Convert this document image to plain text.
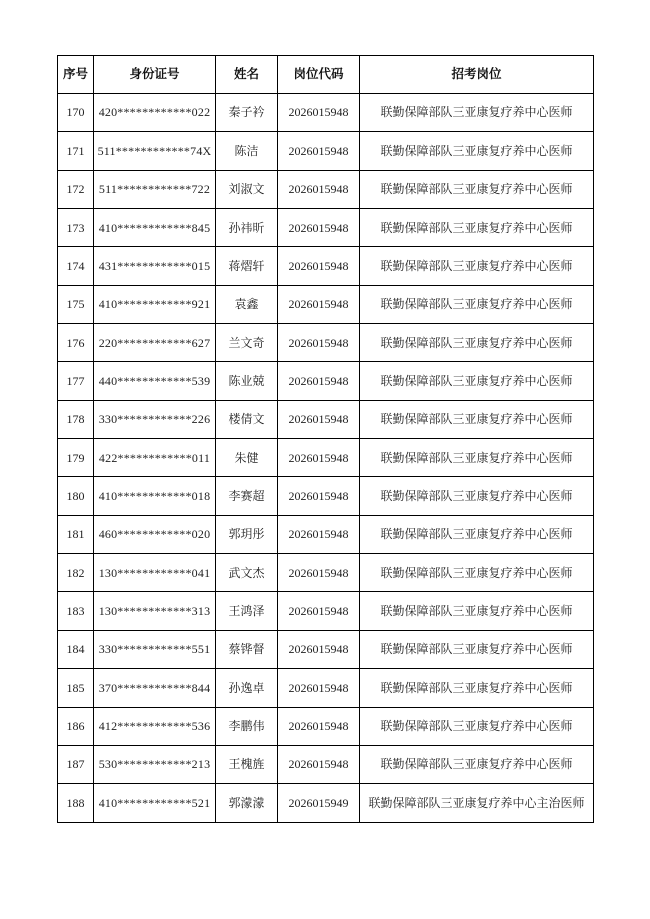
序号	身份证号	姓名	岗位代码	招考岗位
170	420************022	秦子衿	2026015948	联勤保障部队三亚康复疗养中心医师
171	511************74X	陈洁	2026015948	联勤保障部队三亚康复疗养中心医师
172	511************722	刘淑文	2026015948	联勤保障部队三亚康复疗养中心医师
173	410************845	孙祎昕	2026015948	联勤保障部队三亚康复疗养中心医师
174	431************015	蒋熠轩	2026015948	联勤保障部队三亚康复疗养中心医师
175	410************921	袁鑫	2026015948	联勤保障部队三亚康复疗养中心医师
176	220************627	兰文奇	2026015948	联勤保障部队三亚康复疗养中心医师
177	440************539	陈业兢	2026015948	联勤保障部队三亚康复疗养中心医师
178	330************226	楼倩文	2026015948	联勤保障部队三亚康复疗养中心医师
179	422************011	朱健	2026015948	联勤保障部队三亚康复疗养中心医师
180	410************018	李赛超	2026015948	联勤保障部队三亚康复疗养中心医师
181	460************020	郭玥彤	2026015948	联勤保障部队三亚康复疗养中心医师
182	130************041	武文杰	2026015948	联勤保障部队三亚康复疗养中心医师
183	130************313	王鸿泽	2026015948	联勤保障部队三亚康复疗养中心医师
184	330************551	蔡铧督	2026015948	联勤保障部队三亚康复疗养中心医师
185	370************844	孙逸卓	2026015948	联勤保障部队三亚康复疗养中心医师
186	412************536	李鹏伟	2026015948	联勤保障部队三亚康复疗养中心医师
187	530************213	王槐旌	2026015948	联勤保障部队三亚康复疗养中心医师
188	410************521	郭濛濛	2026015949	联勤保障部队三亚康复疗养中心主治医师
